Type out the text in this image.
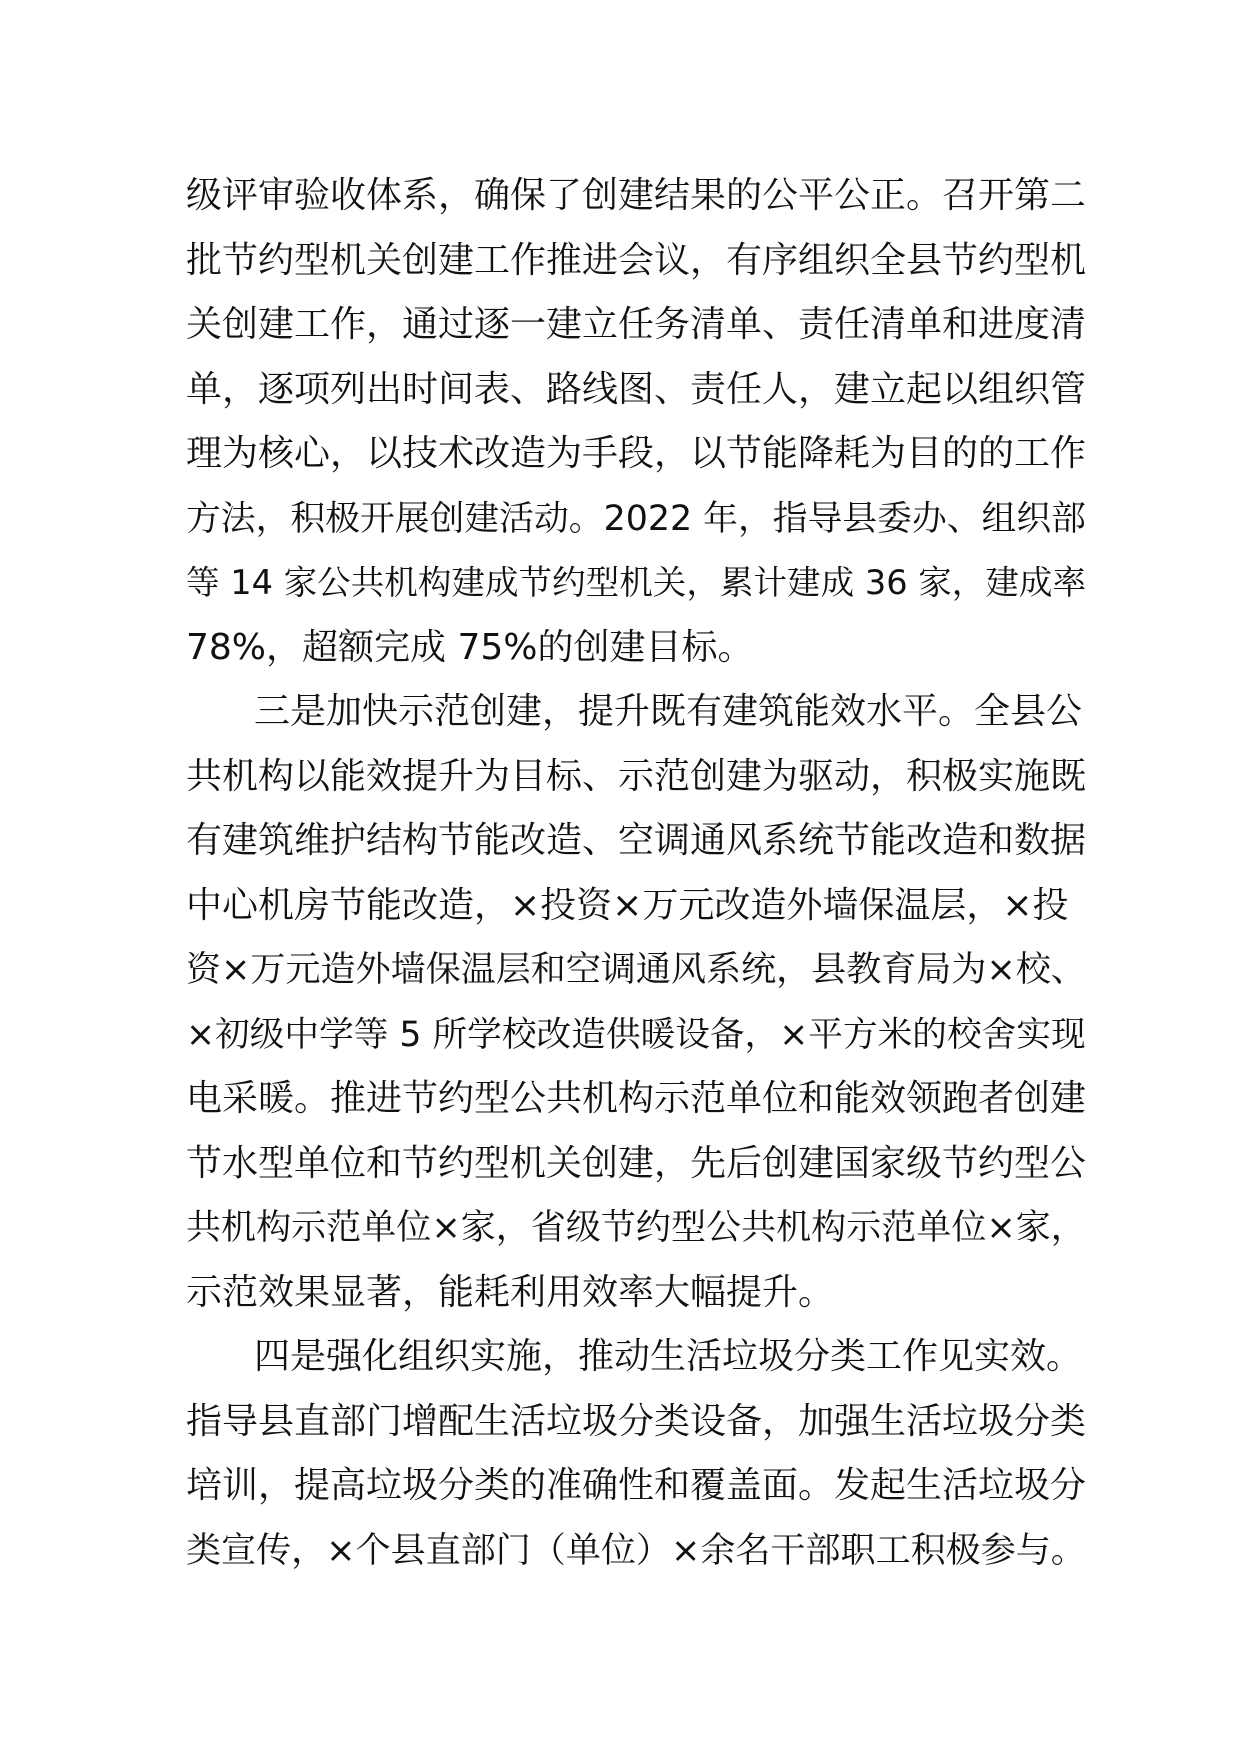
级评审验收体系，确保了创建结果的公平公正。召开第二
批节约型机关创建工作推进会议，有序组织全县节约型机
关创建工作，通过逐一建立任务清单、责任清单和进度清
单，逐项列出时间表、路线图、责任人，建立起以组织管
理为核心，以技术改造为手段，以节能降耗为目的的工作
方法，积极开展创建活动。2022 年，指导县委办、组织部
等 14 家公共机构建成节约型机关，累计建成 36 家，建成率
78%，超额完成 75%的创建目标。
三是加快示范创建，提升既有建筑能效水平。全县公
共机构以能效提升为目标、示范创建为驱动，积极实施既
有建筑维护结构节能改造、空调通风系统节能改造和数据
中心机房节能改造，×投资×万元改造外墙保温层，×投
资×万元造外墙保温层和空调通风系统，县教育局为×校、
×初级中学等 5 所学校改造供暖设备，×平方米的校舍实现
电采暖。推进节约型公共机构示范单位和能效领跑者创建
节水型单位和节约型机关创建，先后创建国家级节约型公
共机构示范单位×家，省级节约型公共机构示范单位×家，
示范效果显著，能耗利用效率大幅提升。
四是强化组织实施，推动生活垃圾分类工作见实效。
指导县直部门增配生活垃圾分类设备，加强生活垃圾分类
培训，提高垃圾分类的准确性和覆盖面。发起生活垃圾分
类宣传，×个县直部门（单位）×余名干部职工积极参与。
